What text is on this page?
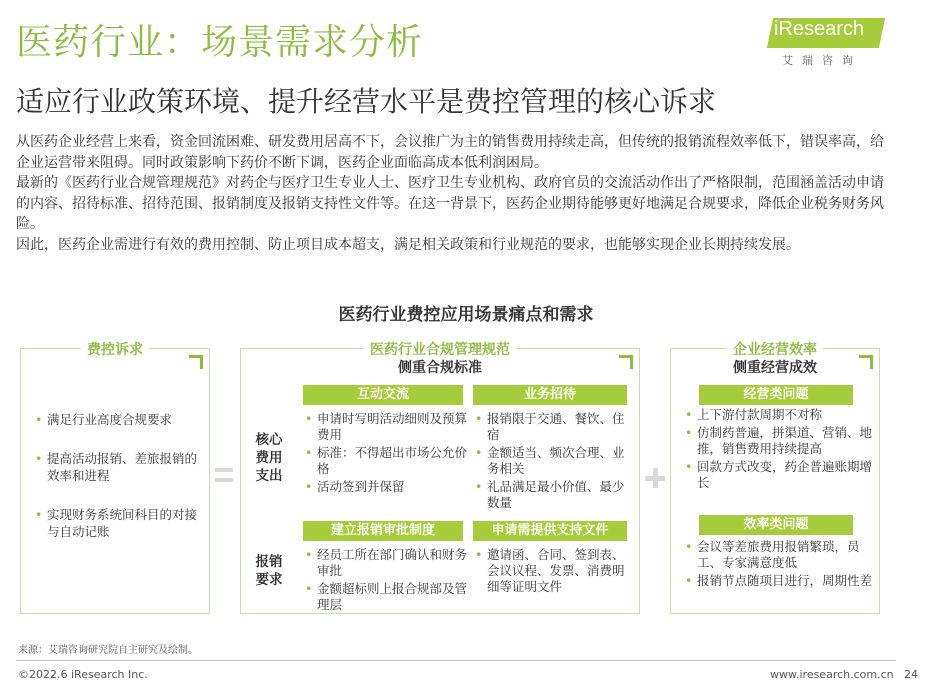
医药行业：场景需求分析
适应行业政策环境、提升经营水平是费控管理的核心诉求
iResearch
艾瑞咨询

从医药企业经营上来看，资金回流困难、研发费用居高不下，会议推广为主的销售费用持续走高，但传统的报销流程效率低下，错误率高，给企业运营带来阻碍。同时政策影响下药价不断下调，医药企业面临高成本低利润困局。

最新的《医药行业合规管理规范》对药企与医疗卫生专业人士、医疗卫生专业机构、政府官员的交流活动作出了严格限制，范围涵盖活动申请的内容、招待标准、招待范围、报销制度及报销支持性文件等。在这一背景下，医药企业期待能够更好地满足合规要求，降低企业税务财务风险。

因此，医药企业需进行有效的费用控制、防止项目成本超支，满足相关政策和行业规范的要求，也能够实现企业长期持续发展。

医药行业费控应用场景痛点和需求
费控诉求
• 满足行业高度合规要求
• 提高活动报销、差旅报销的效率和进程
• 实现财务系统间科目的对接与自动记账
医药行业合规管理规范
侧重合规标准
核心费用支出
报销要求
互动交流	业务招待
• 申请时写明活动细则及预算费用
• 标准：不得超出市场公允价格
• 活动签到并保留
• 报销限于交通、餐饮、住宿
• 金额适当、频次合理、业务相关
• 礼品满足最小价值、最少数量
建立报销审批制度	申请需提供支持文件
• 经员工所在部门确认和财务审批
• 金额超标则上报合规部及管理层
• 邀请函、合同、签到表、会议议程、发票、消费明细等证明文件
企业经营效率
侧重经营成效
经营类问题
• 上下游付款周期不对称
• 仿制药普遍，拼渠道、营销、地推，销售费用持续提高
• 回款方式改变，药企普遍账期增长
效率类问题
• 会议等差旅费用报销繁琐，员工、专家满意度低
• 报销节点随项目进行，周期性差
来源：艾瑞咨询研究院自主研究及绘制。
©2022.6 iResearch Inc.	www.iresearch.com.cn 24
